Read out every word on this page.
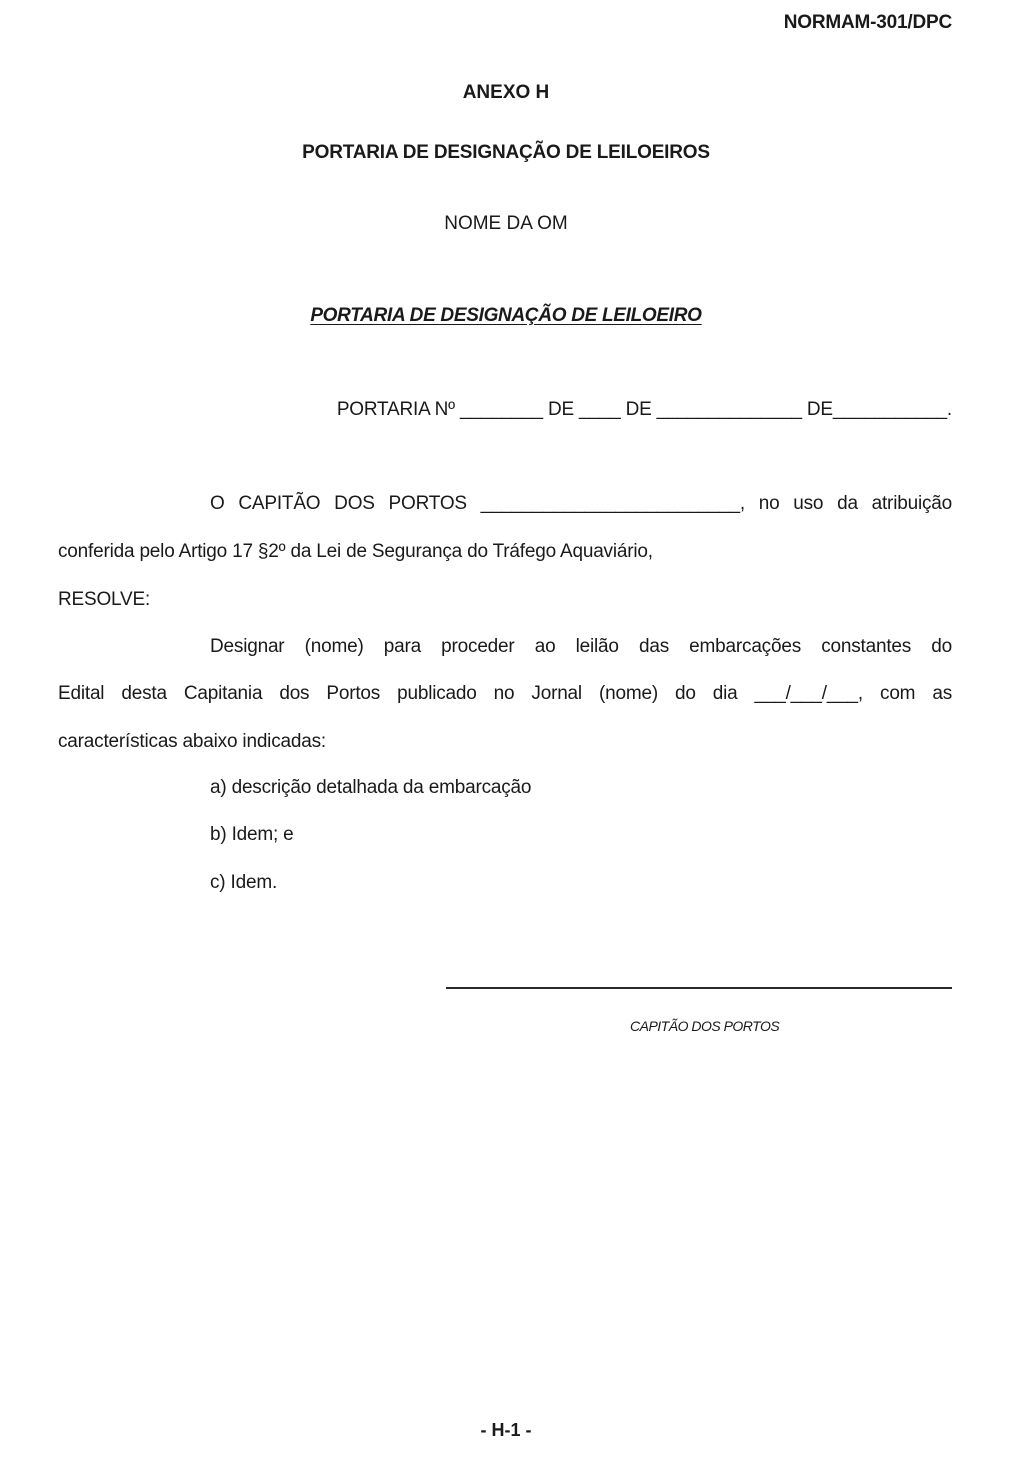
NORMAM-301/DPC
ANEXO H
PORTARIA DE DESIGNAÇÃO DE LEILOEIROS
NOME DA OM
PORTARIA DE DESIGNAÇÃO DE LEILOEIRO
PORTARIA Nº ________ DE ____ DE ______________ DE___________.
O CAPITÃO DOS PORTOS _________________________, no uso da atribuição
conferida pelo Artigo 17 §2º da Lei de Segurança do Tráfego Aquaviário,
RESOLVE:
Designar (nome) para proceder ao leilão das embarcações constantes do
Edital desta Capitania dos Portos publicado no Jornal (nome) do dia ___/___/___, com as
características abaixo indicadas:
a) descrição detalhada da embarcação
b) Idem; e
c) Idem.
CAPITÃO DOS PORTOS
- H-1 -
